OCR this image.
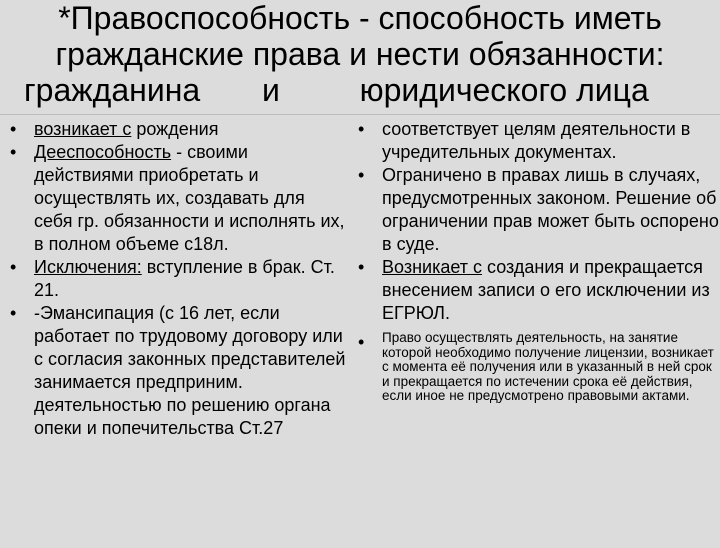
*Правоспособность - способность иметь
гражданские права и нести обязанности:
гражданина и юридического лица
• возникает с рождения
• Дееспособность - своими действиями приобретать и осуществлять их, создавать для себя гр. обязанности и исполнять их, в полном объеме с18л.
• Исключения: вступление в брак. Ст. 21.
• -Эмансипация (с 16 лет, если работает по трудовому договору или с согласия законных представителей занимается предприним. деятельностью по решению органа опеки и попечительства Ст.27
• соответствует целям деятельности в учредительных документах.
• Ограничено в правах лишь в случаях, предусмотренных законом. Решение об ограничении прав может быть оспорено в суде.
• Возникает с создания и прекращается внесением записи о его исключении из ЕГРЮЛ.
• Право осуществлять деятельность, на занятие которой необходимо получение лицензии, возникает с момента её получения или в указанный в ней срок и прекращается по истечении срока её действия, если иное не предусмотрено правовыми актами.
